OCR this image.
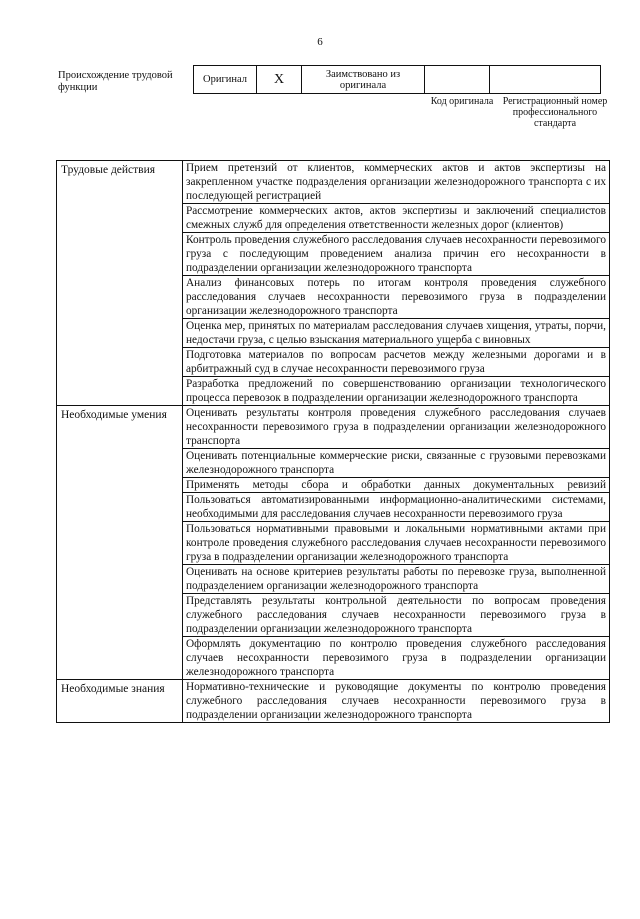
6
Происхождение трудовой функции
Оригинал	X	Заимствовано из оригинала		
Код оригинала Регистрационный номер профессионального стандарта
Трудовые действия	Прием претензий от клиентов, коммерческих актов и актов экспертизы на закрепленном участке подразделения организации железнодорожного транспорта с их последующей регистрацией
	Рассмотрение коммерческих актов, актов экспертизы и заключений специалистов смежных служб для определения ответственности железных дорог (клиентов)
	Контроль проведения служебного расследования случаев несохранности перевозимого груза с последующим проведением анализа причин его несохранности в подразделении организации железнодорожного транспорта
	Анализ финансовых потерь по итогам контроля проведения служебного расследования случаев несохранности перевозимого груза в подразделении организации железнодорожного транспорта
	Оценка мер, принятых по материалам расследования случаев хищения, утраты, порчи, недостачи груза, с целью взыскания материального ущерба с виновных
	Подготовка материалов по вопросам расчетов между железными дорогами и в арбитражный суд в случае несохранности перевозимого груза
	Разработка предложений по совершенствованию организации технологического процесса перевозок в подразделении организации железнодорожного транспорта
Необходимые умения	Оценивать результаты контроля проведения служебного расследования случаев несохранности перевозимого груза в подразделении организации железнодорожного транспорта
	Оценивать потенциальные коммерческие риски, связанные с грузовыми перевозками железнодорожного транспорта
	Применять методы сбора и обработки данных документальных ревизий
	Пользоваться автоматизированными информационно-аналитическими системами, необходимыми для расследования случаев несохранности перевозимого груза
	Пользоваться нормативными правовыми и локальными нормативными актами при контроле проведения служебного расследования случаев несохранности перевозимого груза в подразделении организации железнодорожного транспорта
	Оценивать на основе критериев результаты работы по перевозке груза, выполненной подразделением организации железнодорожного транспорта
	Представлять результаты контрольной деятельности по вопросам проведения служебного расследования случаев несохранности перевозимого груза в подразделении организации железнодорожного транспорта
	Оформлять документацию по контролю проведения служебного расследования случаев несохранности перевозимого груза в подразделении организации железнодорожного транспорта
Необходимые знания	Нормативно-технические и руководящие документы по контролю проведения служебного расследования случаев несохранности перевозимого груза в подразделении организации железнодорожного транспорта
